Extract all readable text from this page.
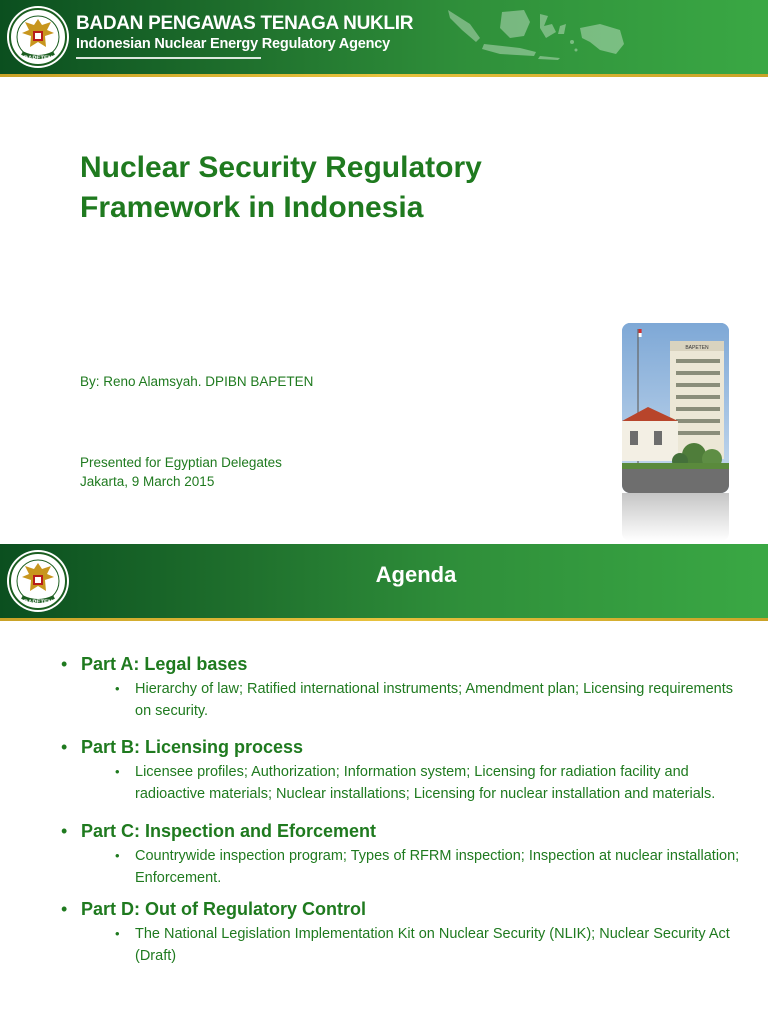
BAPETEN
BADAN PENGAWAS TENAGA NUKLIR
Indonesian Nuclear Energy Regulatory Agency
Nuclear Security Regulatory
Framework in Indonesia
By: Reno Alamsyah. DPIBN BAPETEN
Presented for Egyptian Delegates
Jakarta, 9 March 2015
BAPETEN
BAPETEN
Agenda
• Part A: Legal bases
• Hierarchy of law; Ratified international instruments; Amendment plan; Licensing requirements on security.
• Part B: Licensing process
• Licensee profiles; Authorization; Information system; Licensing for radiation facility and radioactive materials; Nuclear installations; Licensing for nuclear installation and materials.
• Part C: Inspection and Eforcement
• Countrywide inspection program; Types of RFRM inspection; Inspection at nuclear installation; Enforcement.
• Part D: Out of Regulatory Control
• The National Legislation Implementation Kit on Nuclear Security (NLIK); Nuclear Security Act (Draft)
